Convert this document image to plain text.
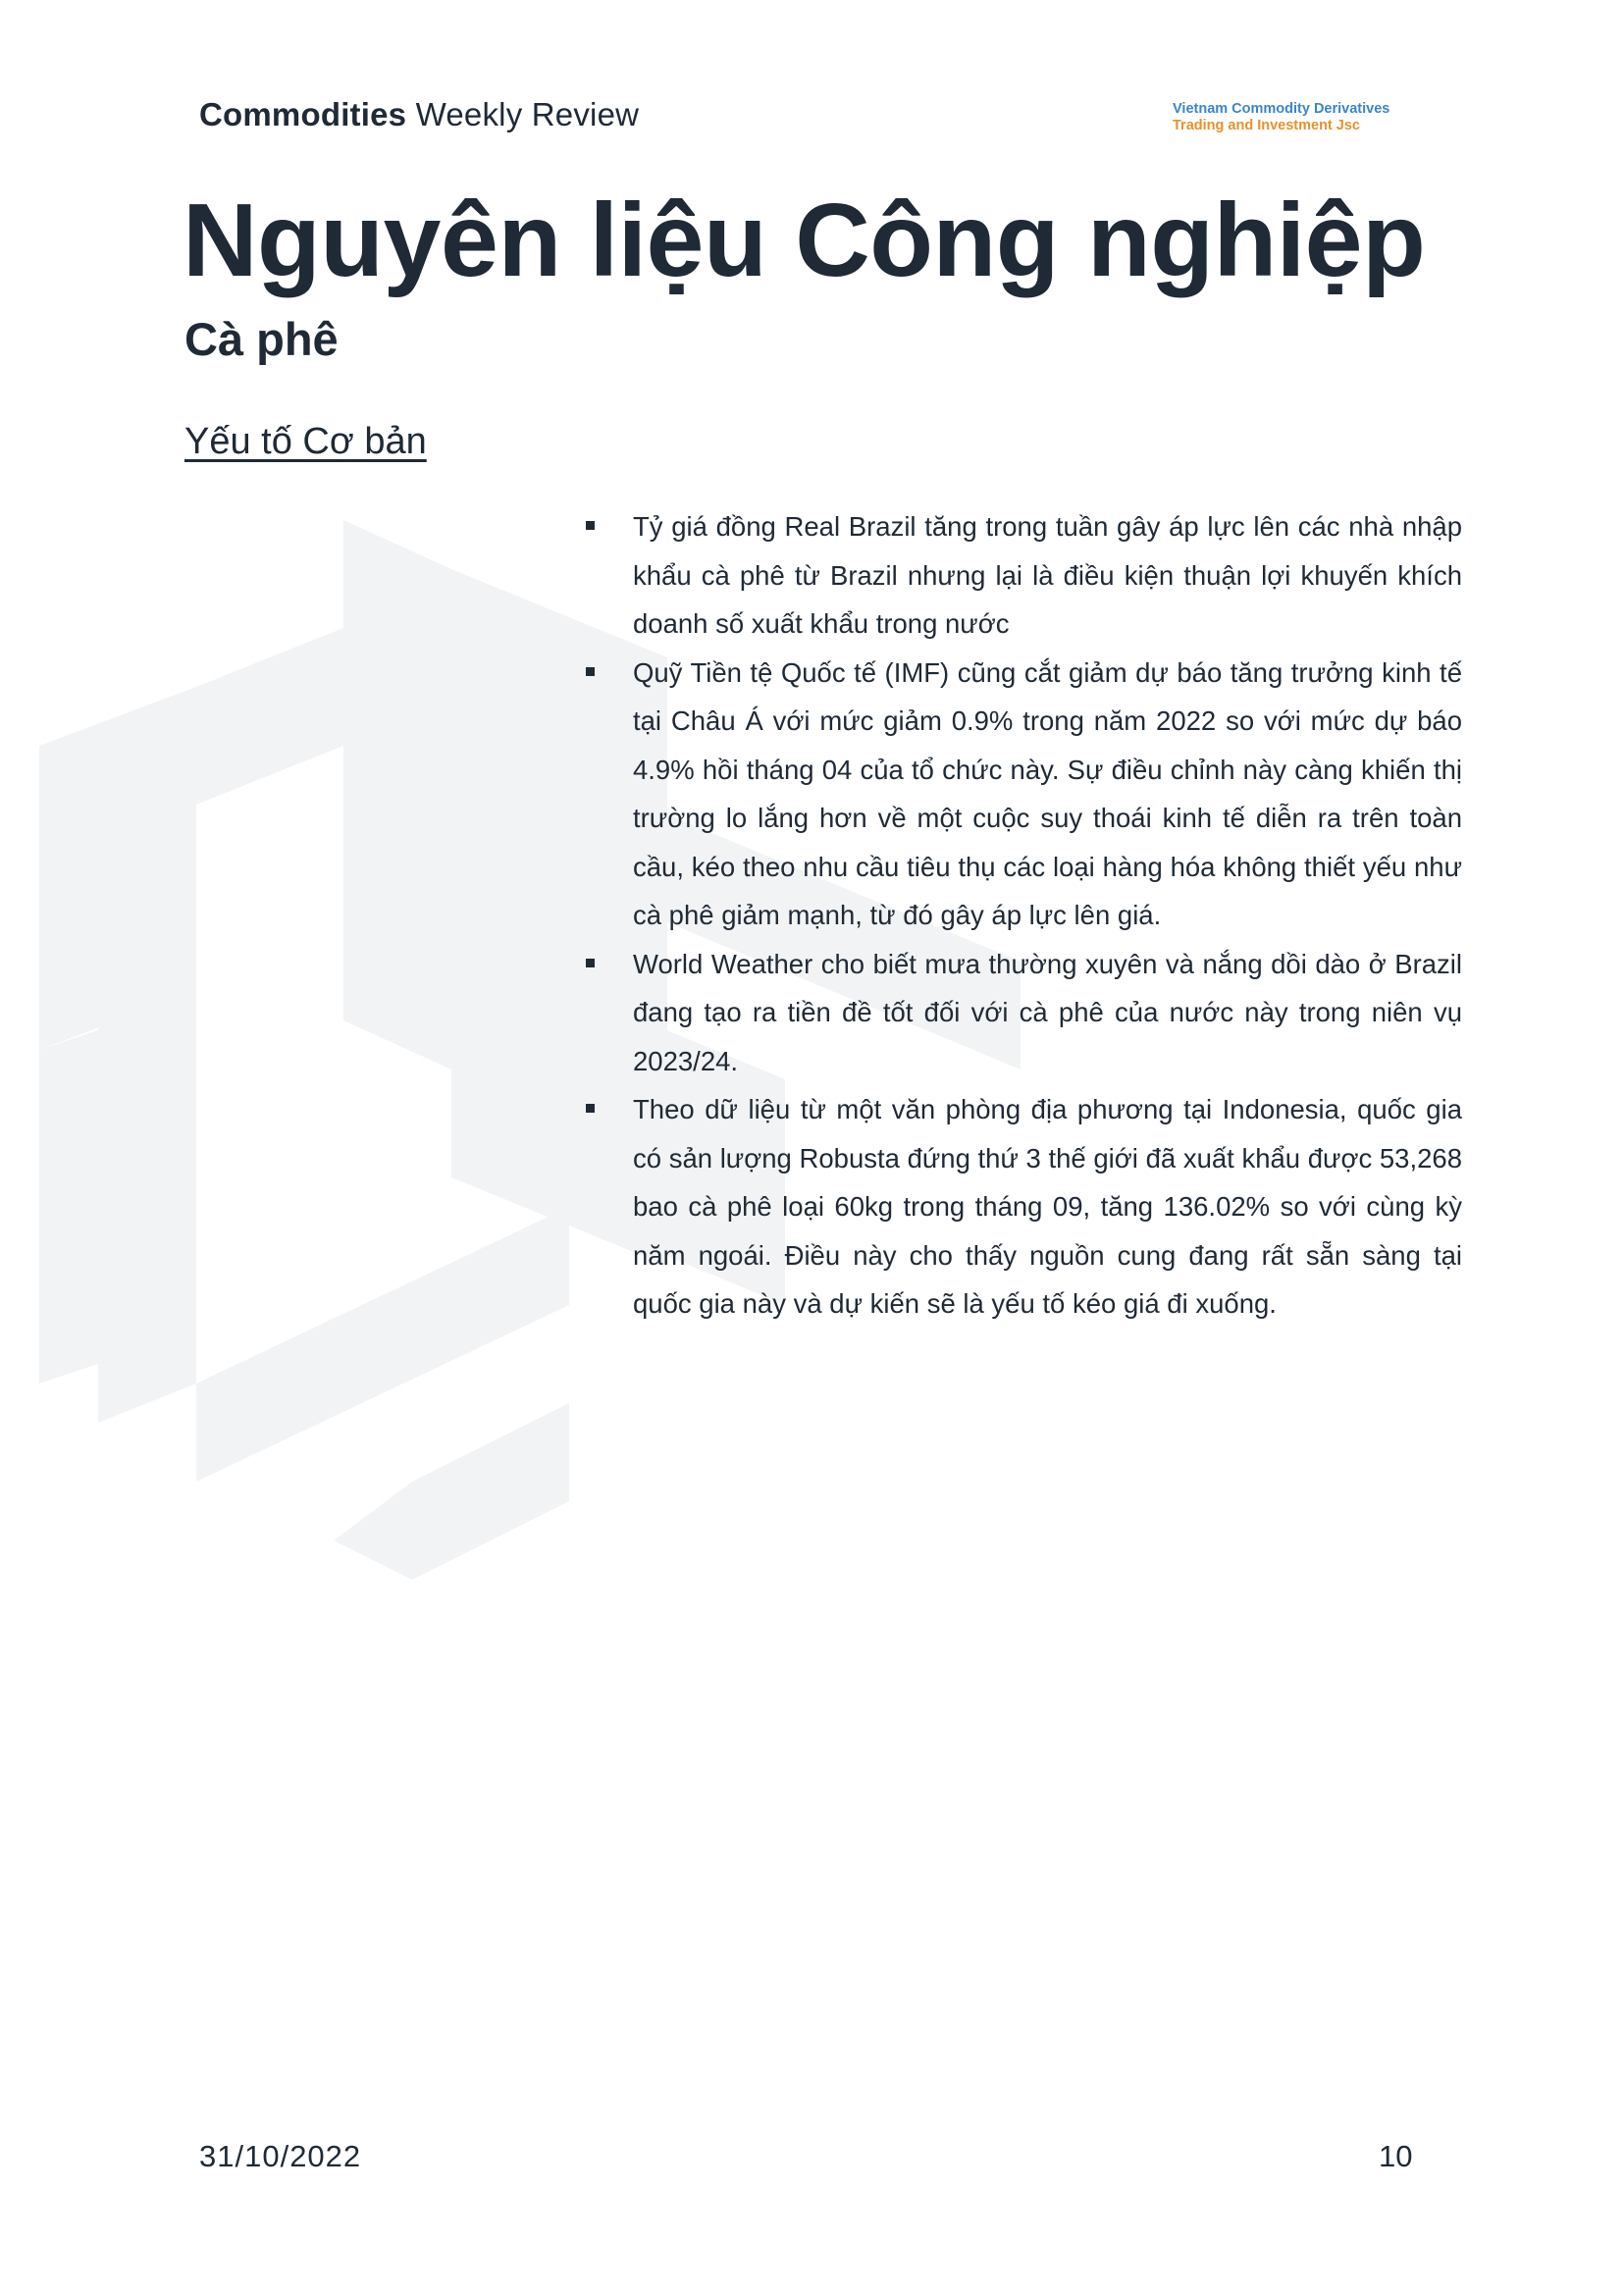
Commodities Weekly Review	Vietnam Commodity Derivatives
Trading and Investment Jsc
Nguyên liệu Công nghiệp
Cà phê
Yếu tố Cơ bản
Tỷ giá đồng Real Brazil tăng trong tuần gây áp lực lên các nhà nhập khẩu cà phê từ Brazil nhưng lại là điều kiện thuận lợi khuyến khích doanh số xuất khẩu trong nước
Quỹ Tiền tệ Quốc tế (IMF) cũng cắt giảm dự báo tăng trưởng kinh tế tại Châu Á với mức giảm 0.9% trong năm 2022 so với mức dự báo 4.9% hồi tháng 04 của tổ chức này. Sự điều chỉnh này càng khiến thị trường lo lắng hơn về một cuộc suy thoái kinh tế diễn ra trên toàn cầu, kéo theo nhu cầu tiêu thụ các loại hàng hóa không thiết yếu như cà phê giảm mạnh, từ đó gây áp lực lên giá.
World Weather cho biết mưa thường xuyên và nắng dồi dào ở Brazil đang tạo ra tiền đề tốt đối với cà phê của nước này trong niên vụ 2023/24.
Theo dữ liệu từ một văn phòng địa phương tại Indonesia, quốc gia có sản lượng Robusta đứng thứ 3 thế giới đã xuất khẩu được 53,268 bao cà phê loại 60kg trong tháng 09, tăng 136.02% so với cùng kỳ năm ngoái. Điều này cho thấy nguồn cung đang rất sẵn sàng tại quốc gia này và dự kiến sẽ là yếu tố kéo giá đi xuống.
31/10/2022	10
